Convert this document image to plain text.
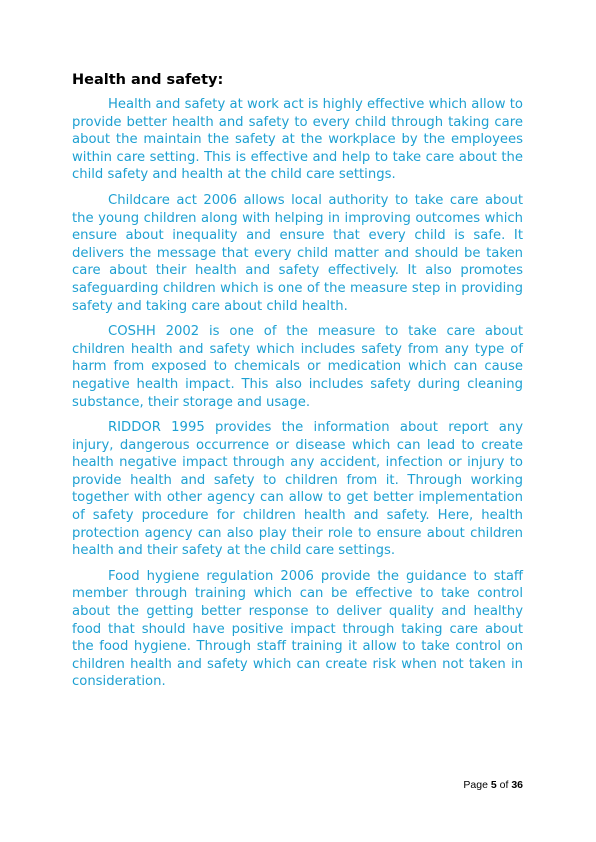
Health and safety:

Health and safety at work act is highly effective which allow to provide better health and safety to every child through taking care about the maintain the safety at the workplace by the employees within care setting. This is effective and help to take care about the child safety and health at the child care settings.

Childcare act 2006 allows local authority to take care about the young children along with helping in improving outcomes which ensure about inequality and ensure that every child is safe. It delivers the message that every child matter and should be taken care about their health and safety effectively. It also promotes safeguarding children which is one of the measure step in providing safety and taking care about child health.

COSHH 2002 is one of the measure to take care about children health and safety which includes safety from any type of harm from exposed to chemicals or medication which can cause negative health impact. This also includes safety during cleaning substance, their storage and usage.

RIDDOR 1995 provides the information about report any injury, dangerous occurrence or disease which can lead to create health negative impact through any accident, infection or injury to provide health and safety to children from it. Through working together with other agency can allow to get better implementation of safety procedure for children health and safety. Here, health protection agency can also play their role to ensure about children health and their safety at the child care settings.

Food hygiene regulation 2006 provide the guidance to staff member through training which can be effective to take control about the getting better response to deliver quality and healthy food that should have positive impact through taking care about the food hygiene. Through staff training it allow to take control on children health and safety which can create risk when not taken in consideration.

Page 5 of 36
